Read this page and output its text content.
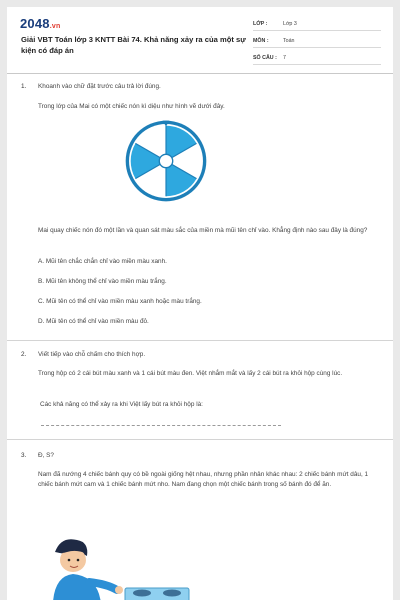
2048.vn
Giải VBT Toán lớp 3 KNTT Bài 74. Khả năng xảy ra của một sự kiện có đáp án
LỚP :	Lớp 3
MÔN :	Toán
SỐ CÂU : 7
1. Khoanh vào chữ đặt trước câu trả lời đúng.
Trong lớp của Mai có một chiếc nón kì diệu như hình vẽ dưới đây.
Mai quay chiếc nón đó một lần và quan sát màu sắc của miền mà mũi tên chỉ vào. Khẳng định nào sau đây là đúng?
A. Mũi tên chắc chắn chỉ vào miền màu xanh.
B. Mũi tên không thể chỉ vào miền màu trắng.
C. Mũi tên có thể chỉ vào miền màu xanh hoặc màu trắng.
D. Mũi tên có thể chỉ vào miền màu đỏ.
2. Viết tiếp vào chỗ chấm cho thích hợp.
Trong hộp có 2 cái bút màu xanh và 1 cái bút màu đen. Việt nhắm mắt và lấy 2 cái bút ra khỏi hộp cùng lúc.
Các khả năng có thể xảy ra khi Việt lấy bút ra khỏi hộp là:
3. Đ, S?
Nam đã nướng 4 chiếc bánh quy có bề ngoài giống hệt nhau, nhưng phần nhân khác nhau: 2 chiếc bánh mứt dâu, 1 chiếc bánh mứt cam và 1 chiếc bánh mứt nho. Nam đang chọn một chiếc bánh trong số bánh đó để ăn.
